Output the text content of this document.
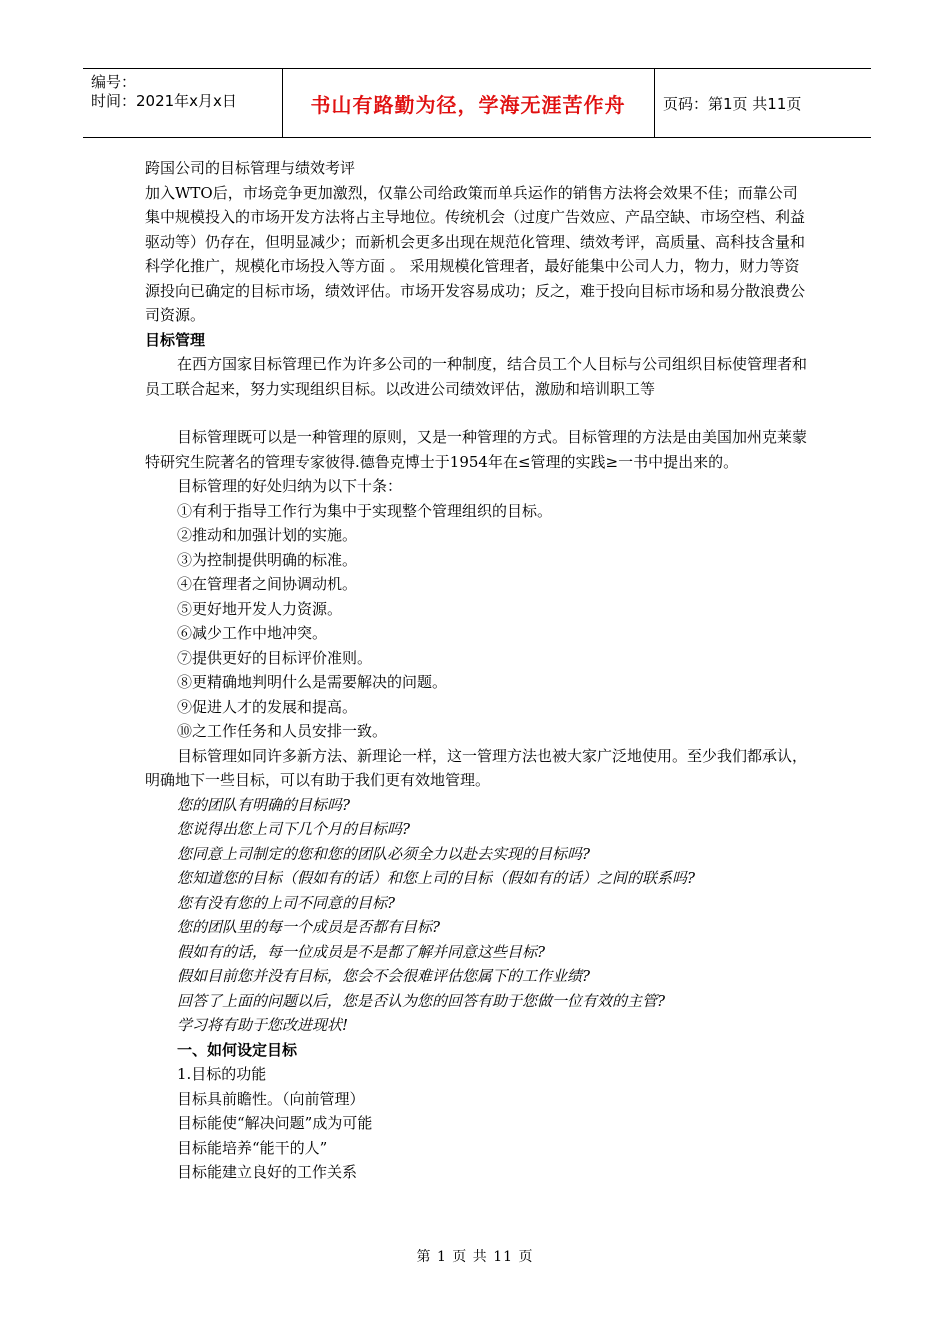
编号：
时间：2021年x月x日	书山有路勤为径，学海无涯苦作舟	页码：第1页 共11页

跨国公司的目标管理与绩效考评

加入WTO后，市场竞争更加激烈，仅靠公司给政策而单兵运作的销售方法将会效果不佳；而靠公司集中规模投入的市场开发方法将占主导地位。传统机会（过度广告效应、产品空缺、市场空档、利益驱动等）仍存在，但明显减少；而新机会更多出现在规范化管理、绩效考评，高质量、高科技含量和科学化推广，规模化市场投入等方面 。 采用规模化管理者，最好能集中公司人力，物力，财力等资源投向已确定的目标市场，绩效评估。市场开发容易成功；反之，难于投向目标市场和易分散浪费公司资源。

目标管理

在西方国家目标管理已作为许多公司的一种制度，结合员工个人目标与公司组织目标使管理者和员工联合起来，努力实现组织目标。以改进公司绩效评估，激励和培训职工等

目标管理既可以是一种管理的原则，又是一种管理的方式。目标管理的方法是由美国加州克莱蒙特研究生院著名的管理专家彼得.德鲁克博士于1954年在≤管理的实践≥一书中提出来的。

目标管理的好处归纳为以下十条：

①有利于指导工作行为集中于实现整个管理组织的目标。

②推动和加强计划的实施。

③为控制提供明确的标准。

④在管理者之间协调动机。

⑤更好地开发人力资源。

⑥减少工作中地冲突。

⑦提供更好的目标评价准则。

⑧更精确地判明什么是需要解决的问题。

⑨促进人才的发展和提高。

⑩之工作任务和人员安排一致。

目标管理如同许多新方法、新理论一样，这一管理方法也被大家广泛地使用。至少我们都承认，明确地下一些目标，可以有助于我们更有效地管理。

您的团队有明确的目标吗?

您说得出您上司下几个月的目标吗?

您同意上司制定的您和您的团队必须全力以赴去实现的目标吗?

您知道您的目标（假如有的话）和您上司的目标（假如有的话）之间的联系吗?

您有没有您的上司不同意的目标?

您的团队里的每一个成员是否都有目标?

假如有的话，每一位成员是不是都了解并同意这些目标?

假如目前您并没有目标，您会不会很难评估您属下的工作业绩?

回答了上面的问题以后，您是否认为您的回答有助于您做一位有效的主管?

学习将有助于您改进现状!

一、如何设定目标

1.目标的功能

目标具前瞻性。（向前管理）

目标能使“解决问题”成为可能

目标能培养“能干的人”

目标能建立良好的工作关系

第 1 页 共 11 页
